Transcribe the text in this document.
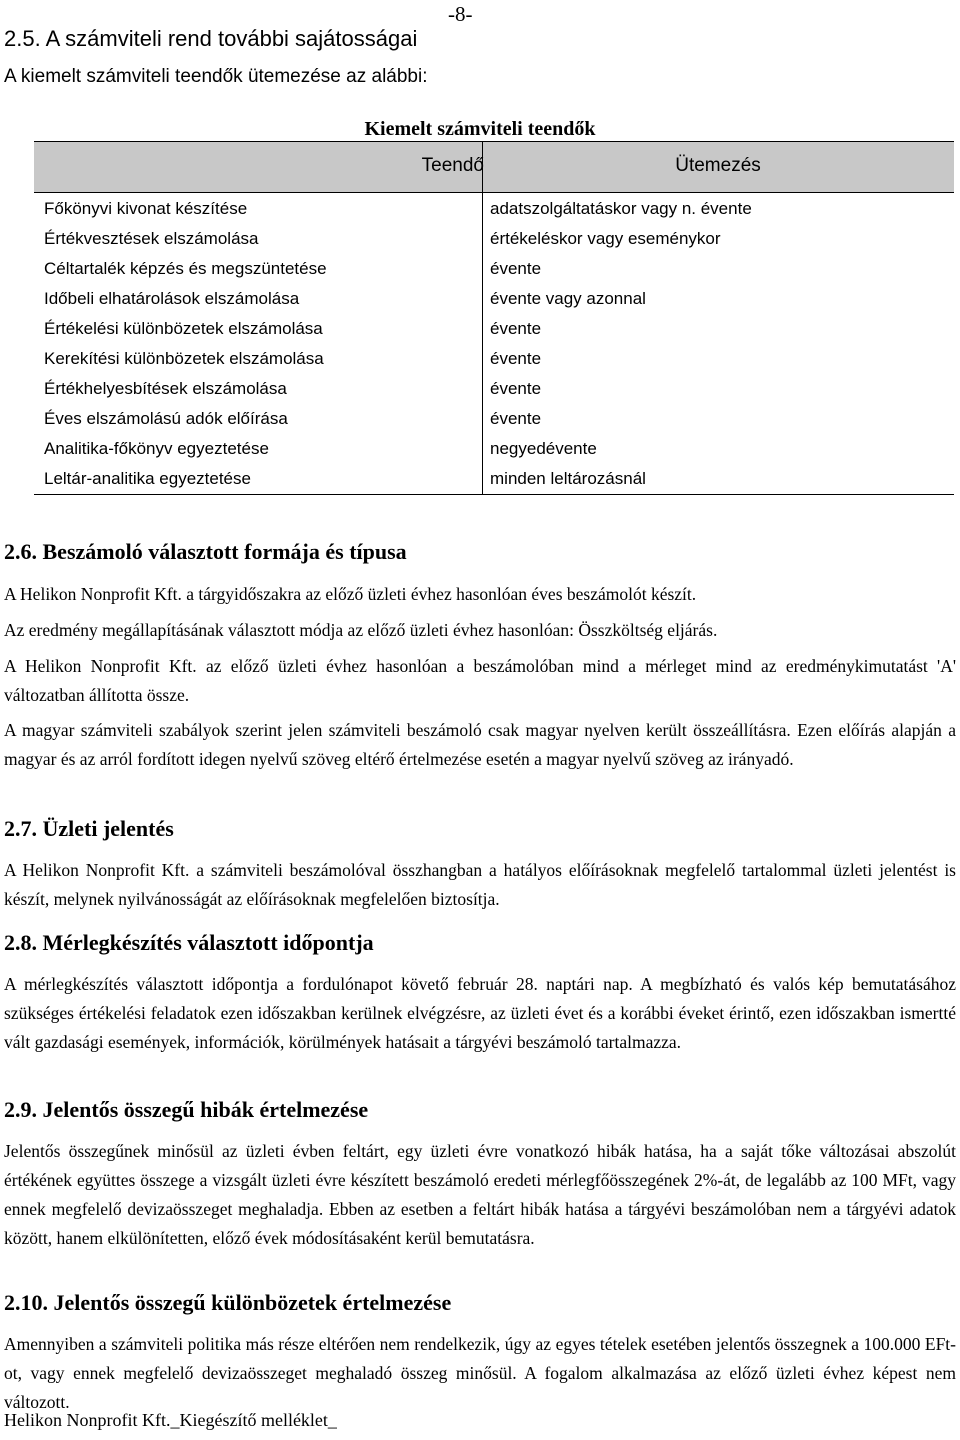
-8-
2.5. A számviteli rend további sajátosságai
A kiemelt számviteli teendők ütemezése az alábbi:
Kiemelt számviteli teendők
Teendő	Ütemezés
Főkönyvi kivonat készítése	adatszolgáltatáskor vagy n. évente
Értékvesztések elszámolása	értékeléskor vagy eseménykor
Céltartalék képzés és megszüntetése	évente
Időbeli elhatárolások elszámolása	évente vagy azonnal
Értékelési különbözetek elszámolása	évente
Kerekítési különbözetek elszámolása	évente
Értékhelyesbítések elszámolása	évente
Éves elszámolású adók előírása	évente
Analitika-főkönyv egyeztetése	negyedévente
Leltár-analitika egyeztetése	minden leltározásnál
2.6. Beszámoló választott formája és típusa

A Helikon Nonprofit Kft. a tárgyidőszakra az előző üzleti évhez hasonlóan éves beszámolót készít.

Az eredmény megállapításának választott módja az előző üzleti évhez hasonlóan: Összköltség eljárás.

A Helikon Nonprofit Kft. az előző üzleti évhez hasonlóan a beszámolóban mind a mérleget mind az eredménykimutatást 'A' változatban állította össze.

A magyar számviteli szabályok szerint jelen számviteli beszámoló csak magyar nyelven került összeállításra. Ezen előírás alapján a magyar és az arról fordított idegen nyelvű szöveg eltérő értelmezése esetén a magyar nyelvű szöveg az irányadó.

2.7. Üzleti jelentés

A Helikon Nonprofit Kft. a számviteli beszámolóval összhangban a hatályos előírásoknak megfelelő tartalommal üzleti jelentést is készít, melynek nyilvánosságát az előírásoknak megfelelően biztosítja.

2.8. Mérlegkészítés választott időpontja

A mérlegkészítés választott időpontja a fordulónapot követő február 28. naptári nap. A megbízható és valós kép bemutatásához szükséges értékelési feladatok ezen időszakban kerülnek elvégzésre, az üzleti évet és a korábbi éveket érintő, ezen időszakban ismertté vált gazdasági események, információk, körülmények hatásait a tárgyévi beszámoló tartalmazza.

2.9. Jelentős összegű hibák értelmezése

Jelentős összegűnek minősül az üzleti évben feltárt, egy üzleti évre vonatkozó hibák hatása, ha a saját tőke változásai abszolút értékének együttes összege a vizsgált üzleti évre készített beszámoló eredeti mérlegfőösszegének 2%-át, de legalább az 100 MFt, vagy ennek megfelelő devizaösszeget meghaladja. Ebben az esetben a feltárt hibák hatása a tárgyévi beszámolóban nem a tárgyévi adatok között, hanem elkülönítetten, előző évek módosításaként kerül bemutatásra.

2.10. Jelentős összegű különbözetek értelmezése

Amennyiben a számviteli politika más része eltérően nem rendelkezik, úgy az egyes tételek esetében jelentős összegnek a 100.000 EFt-ot, vagy ennek megfelelő devizaösszeget meghaladó összeg minősül. A fogalom alkalmazása az előző üzleti évhez képest nem változott.

Helikon Nonprofit Kft._Kiegészítő melléklet_
